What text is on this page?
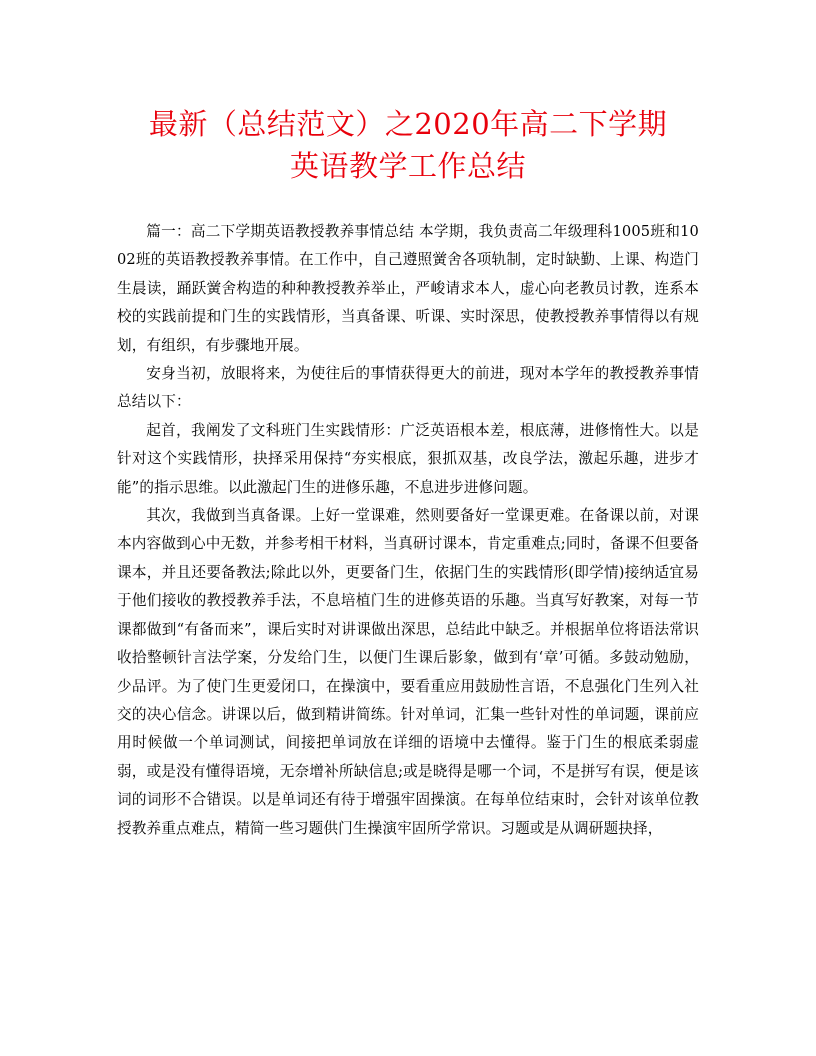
最新（总结范文）之2020年高二下学期
英语教学工作总结

篇一：高二下学期英语教授教养事情总结 本学期，我负责高二年级理科1005班和1002班的英语教授教养事情。在工作中，自己遵照黉舍各项轨制，定时缺勤、上课、构造门生晨读，踊跃黉舍构造的种种教授教养举止，严峻请求本人，虚心向老教员讨教，连系本校的实践前提和门生的实践情形，当真备课、听课、实时深思，使教授教养事情得以有规划，有组织，有步骤地开展。

安身当初，放眼将来，为使往后的事情获得更大的前进，现对本学年的教授教养事情总结以下：

起首，我阐发了文科班门生实践情形：广泛英语根本差，根底薄，进修惰性大。以是针对这个实践情形，抉择采用保持“夯实根底，狠抓双基，改良学法，激起乐趣，进步才能”的指示思维。以此激起门生的进修乐趣，不息进步进修问题。

其次，我做到当真备课。上好一堂课难，然则要备好一堂课更难。在备课以前，对课本内容做到心中无数，并参考相干材料，当真研讨课本，肯定重难点;同时，备课不但要备课本，并且还要备教法;除此以外，更要备门生，依据门生的实践情形(即学情)接纳适宜易于他们接收的教授教养手法，不息培植门生的进修英语的乐趣。当真写好教案，对每一节课都做到“有备而来”，课后实时对讲课做出深思，总结此中缺乏。并根据单位将语法常识收拾整顿针言法学案，分发给门生，以便门生课后影象，做到有‘章’可循。多鼓动勉励，少品评。为了使门生更爱闭口，在操演中，要看重应用鼓励性言语，不息强化门生列入社交的决心信念。讲课以后，做到精讲简练。针对单词，汇集一些针对性的单词题，课前应用时候做一个单词测试，间接把单词放在详细的语境中去懂得。鉴于门生的根底柔弱虚弱，或是没有懂得语境，无奈增补所缺信息;或是晓得是哪一个词，不是拼写有误，便是该词的词形不合错误。以是单词还有待于增强牢固操演。在每单位结束时，会针对该单位教授教养重点难点，精简一些习题供门生操演牢固所学常识。习题或是从调研题抉择，
